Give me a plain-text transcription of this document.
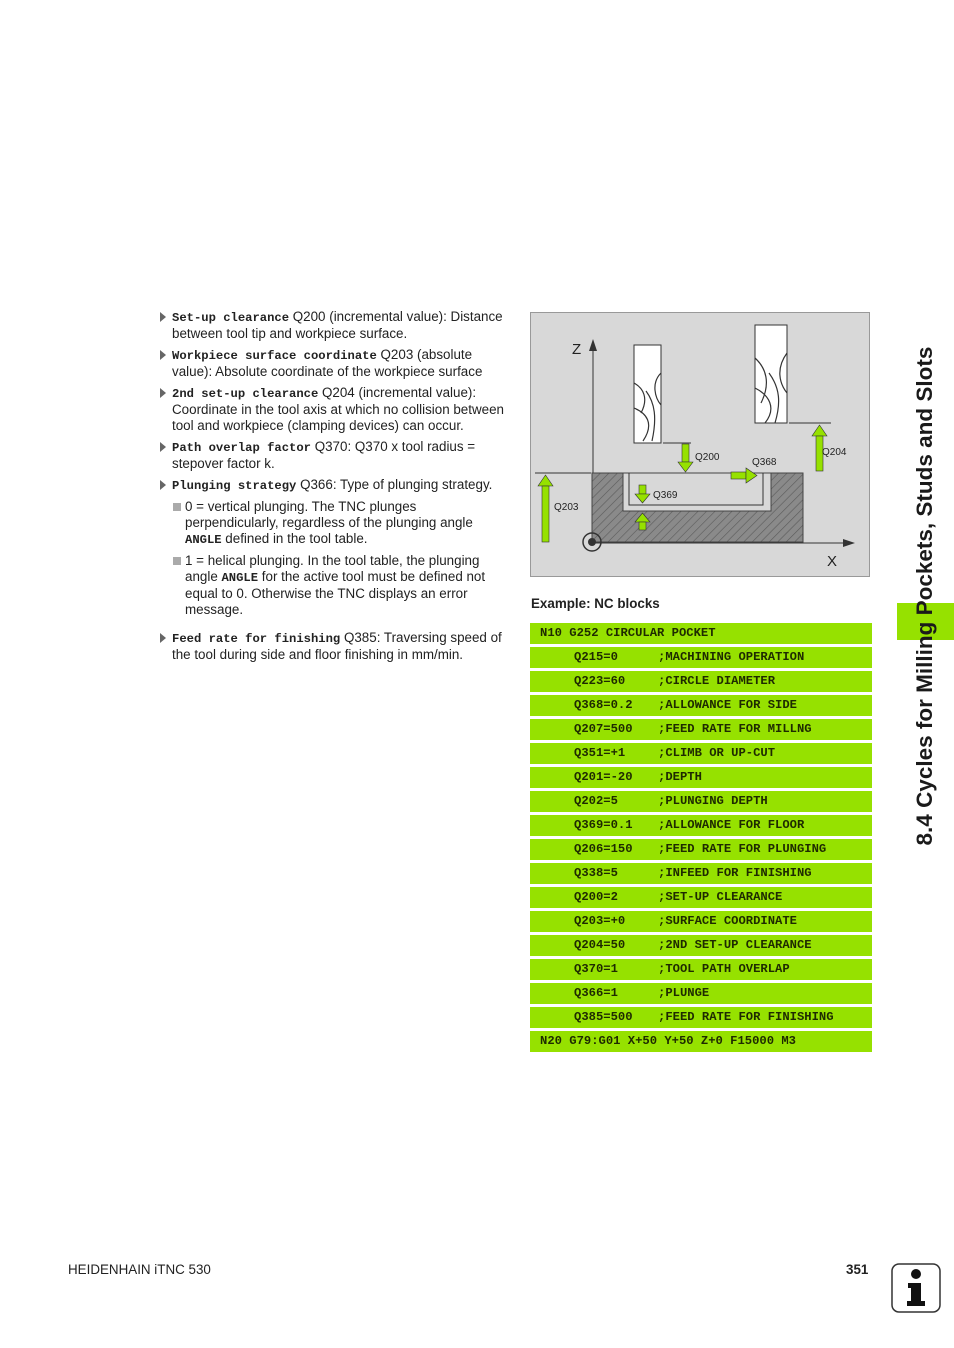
8.4 Cycles for Milling Pockets, Studs and Slots
Set-up clearance Q200 (incremental value): Distance between tool tip and workpiece surface.
Workpiece surface coordinate Q203 (absolute value): Absolute coordinate of the workpiece surface
2nd set-up clearance Q204 (incremental value): Coordinate in the tool axis at which no collision between tool and workpiece (clamping devices) can occur.
Path overlap factor Q370: Q370 x tool radius = stepover factor k.
Plunging strategy Q366: Type of plunging strategy.
0 = vertical plunging. The TNC plunges perpendicularly, regardless of the plunging angle ANGLE defined in the tool table.
1 = helical plunging. In the tool table, the plunging angle ANGLE for the active tool must be defined not equal to 0. Otherwise the TNC displays an error message.
Feed rate for finishing Q385: Traversing speed of the tool during side and floor finishing in mm/min.
Z
X
Q200	Q368
Q204
Q369
Q203
Example: NC blocks
N10 G252 CIRCULAR POCKET
Q215=0	;MACHINING OPERATION
Q223=60	;CIRCLE DIAMETER
Q368=0.2 ;ALLOWANCE FOR SIDE
Q207=500 ;FEED RATE FOR MILLNG
Q351=+1	;CLIMB OR UP-CUT
Q201=-20 ;DEPTH
Q202=5	;PLUNGING DEPTH
Q369=0.1 ;ALLOWANCE FOR FLOOR
Q206=150 ;FEED RATE FOR PLUNGING
Q338=5	;INFEED FOR FINISHING
Q200=2	;SET-UP CLEARANCE
Q203=+0	;SURFACE COORDINATE
Q204=50	;2ND SET-UP CLEARANCE
Q370=1	;TOOL PATH OVERLAP
Q366=1	;PLUNGE
Q385=500 ;FEED RATE FOR FINISHING
N20 G79:G01 X+50 Y+50 Z+0 F15000 M3
HEIDENHAIN iTNC 530	351
